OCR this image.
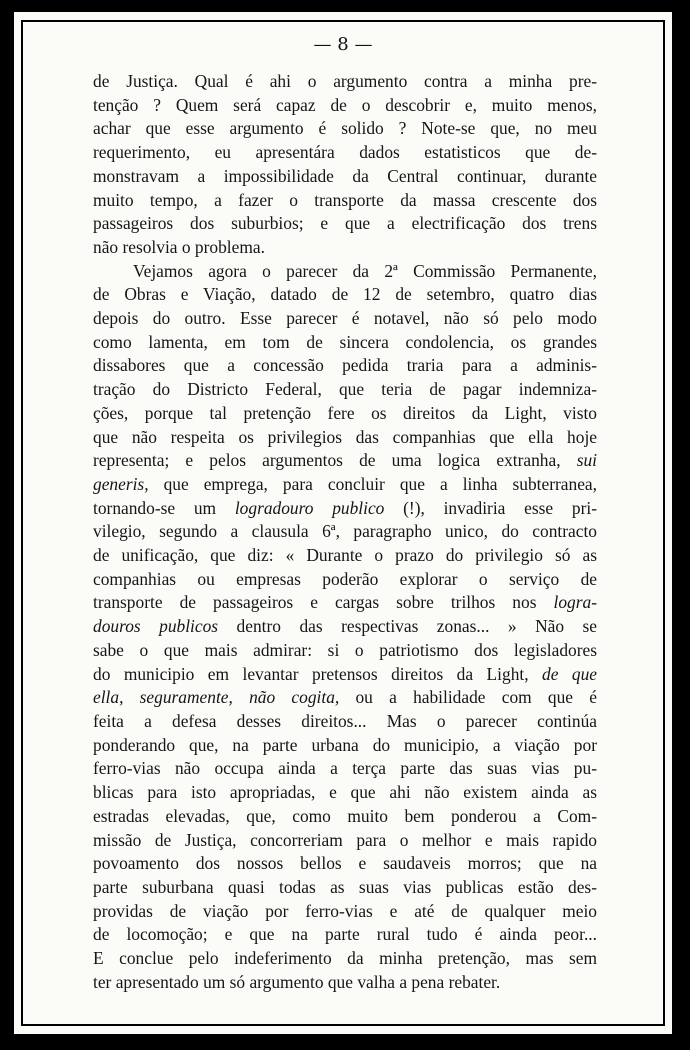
— 8 —

de Justiça. Qual é ahi o argumento contra a minha pre-
tenção ? Quem será capaz de o descobrir e, muito menos,
achar que esse argumento é solido ? Note-se que, no meu
requerimento, eu apresentára dados estatisticos que de-
monstravam a impossibilidade da Central continuar, durante
muito tempo, a fazer o transporte da massa crescente dos
passageiros dos suburbios; e que a electrificação dos trens
não resolvia o problema.

Vejamos agora o parecer da 2ª Commissão Permanente,
de Obras e Viação, datado de 12 de setembro, quatro dias
depois do outro. Esse parecer é notavel, não só pelo modo
como lamenta, em tom de sincera condolencia, os grandes
dissabores que a concessão pedida traria para a adminis-
tração do Districto Federal, que teria de pagar indemniza-
ções, porque tal pretenção fere os direitos da Light, visto
que não respeita os privilegios das companhias que ella hoje
representa; e pelos argumentos de uma logica extranha, sui
generis, que emprega, para concluir que a linha subterranea,
tornando-se um logradouro publico (!), invadiria esse pri-
vilegio, segundo a clausula 6ª, paragrapho unico, do contracto
de unificação, que diz: « Durante o prazo do privilegio só as
companhias ou empresas poderão explorar o serviço de
transporte de passageiros e cargas sobre trilhos nos logra-
douros publicos dentro das respectivas zonas... » Não se
sabe o que mais admirar: si o patriotismo dos legisladores
do municipio em levantar pretensos direitos da Light, de que
ella, seguramente, não cogita, ou a habilidade com que é
feita a defesa desses direitos... Mas o parecer continúa
ponderando que, na parte urbana do municipio, a viação por
ferro-vias não occupa ainda a terça parte das suas vias pu-
blicas para isto apropriadas, e que ahi não existem ainda as
estradas elevadas, que, como muito bem ponderou a Com-
missão de Justiça, concorreriam para o melhor e mais rapido
povoamento dos nossos bellos e saudaveis morros; que na
parte suburbana quasi todas as suas vias publicas estão des-
providas de viação por ferro-vias e até de qualquer meio
de locomoção; e que na parte rural tudo é ainda peor...
E conclue pelo indeferimento da minha pretenção, mas sem
ter apresentado um só argumento que valha a pena rebater.
